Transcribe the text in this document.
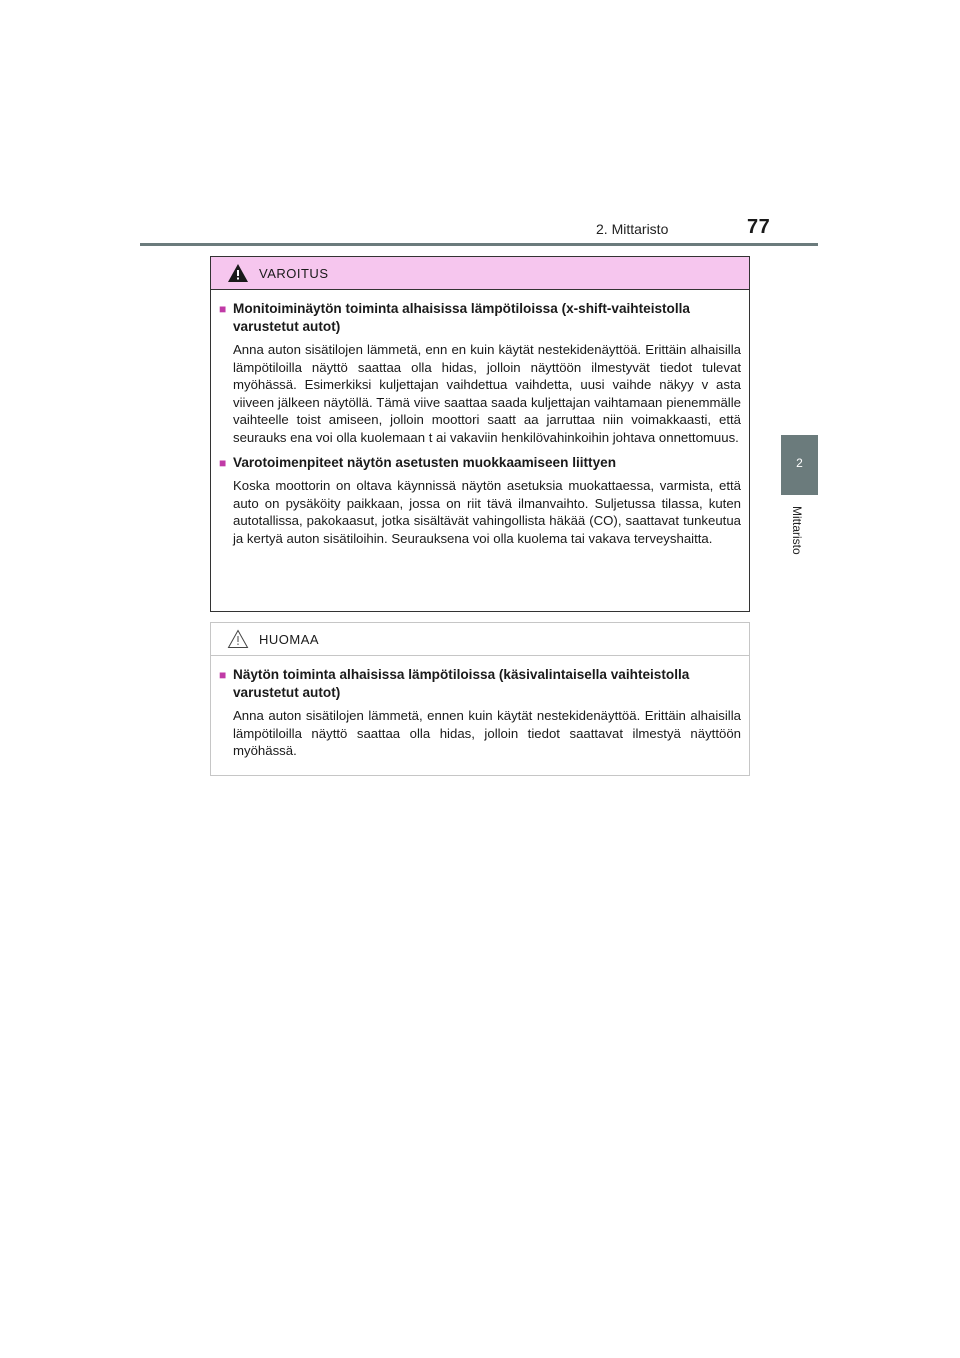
2. Mittaristo	77
2
Mittaristo
VAROITUS
■ Monitoiminäytön toiminta alhaisissa lämpötiloissa (x-shift-vaihteistolla varustetut autot)
Anna auton sisätilojen lämmetä, enn en kuin käytät nestekidenäyttöä. Erittäin alhaisilla lämpötiloilla näyttö saattaa olla hidas, jolloin näyttöön ilmestyvät tiedot tulevat myöhässä. Esimerkiksi kuljettajan vaihdettua vaihdetta, uusi vaihde näkyy v asta viiveen jälkeen näytöllä. Tämä viive saattaa saada kuljettajan vaihtamaan pienemmälle vaihteelle toist amiseen, jolloin moottori saatt aa jarruttaa niin voimakkaasti, että seurauks ena voi olla kuolemaan t ai vakaviin henkilövahinkoihin johtava onnettomuus.
■ Varotoimenpiteet näytön asetusten muokkaamiseen liittyen
Koska moottorin on oltava käynnissä näytön asetuksia muokattaessa, varmista, että auto on pysäköity paikkaan, jossa on riit tävä ilmanvaihto. Suljetussa tilassa, kuten autotallissa, pakokaasut, jotka sisältävät vahingollista häkää (CO), saattavat tunkeutua ja kertyä auton sisätiloihin. Seurauksena voi olla kuolema tai vakava terveyshaitta.
HUOMAA
■ Näytön toiminta alhaisissa lämpötiloissa (käsivalintaisella vaihteistolla varustetut autot)
Anna auton sisätilojen lämmetä, ennen kuin käytät nestekidenäyttöä. Erittäin alhaisilla lämpötiloilla näyttö saattaa olla hidas, jolloin tiedot saattavat ilmestyä näyttöön myöhässä.
